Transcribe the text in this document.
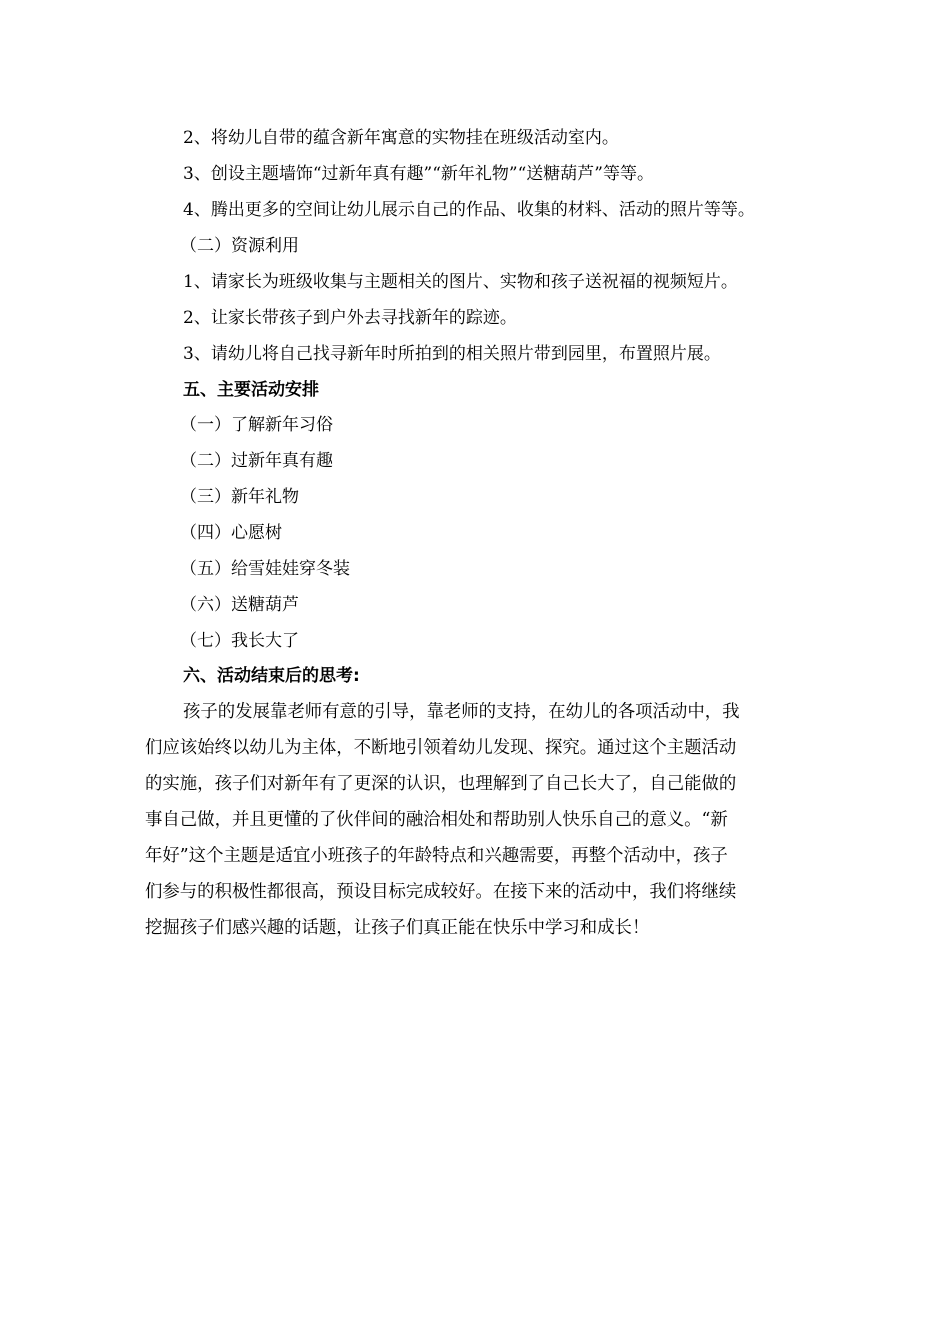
2、将幼儿自带的蕴含新年寓意的实物挂在班级活动室内。
3、创设主题墙饰“过新年真有趣”“新年礼物”“送糖葫芦”等等。
4、腾出更多的空间让幼儿展示自己的作品、收集的材料、活动的照片等等。
（二）资源利用
1、请家长为班级收集与主题相关的图片、实物和孩子送祝福的视频短片。
2、让家长带孩子到户外去寻找新年的踪迹。
3、请幼儿将自己找寻新年时所拍到的相关照片带到园里，布置照片展。
五、主要活动安排
（一）了解新年习俗
（二）过新年真有趣
（三）新年礼物
（四）心愿树
（五）给雪娃娃穿冬装
（六）送糖葫芦
（七）我长大了
六、活动结束后的思考:
孩子的发展靠老师有意的引导，靠老师的支持，在幼儿的各项活动中，我
们应该始终以幼儿为主体，不断地引领着幼儿发现、探究。通过这个主题活动
的实施，孩子们对新年有了更深的认识，也理解到了自己长大了，自己能做的
事自己做，并且更懂的了伙伴间的融洽相处和帮助别人快乐自己的意义。“新
年好”这个主题是适宜小班孩子的年龄特点和兴趣需要，再整个活动中，孩子
们参与的积极性都很高，预设目标完成较好。在接下来的活动中，我们将继续
挖掘孩子们感兴趣的话题，让孩子们真正能在快乐中学习和成长！
